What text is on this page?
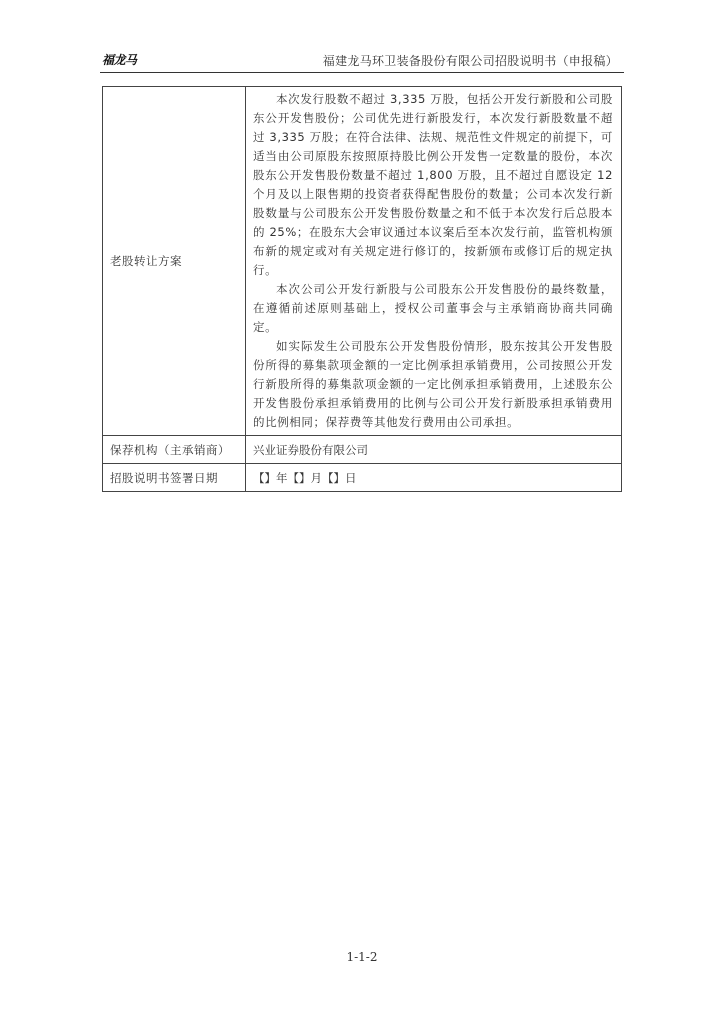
福龙马	福建龙马环卫装备股份有限公司招股说明书（申报稿）
老股转让方案	本次发行股数不超过 3,335 万股，包括公开发行新股和公司股东公开发售股份；公司优先进行新股发行，本次发行新股数量不超过 3,335 万股；在符合法律、法规、规范性文件规定的前提下，可适当由公司原股东按照原持股比例公开发售一定数量的股份，本次股东公开发售股份数量不超过 1,800 万股，且不超过自愿设定 12 个月及以上限售期的投资者获得配售股份的数量；公司本次发行新股数量与公司股东公开发售股份数量之和不低于本次发行后总股本的 25%；在股东大会审议通过本议案后至本次发行前，监管机构颁布新的规定或对有关规定进行修订的，按新颁布或修订后的规定执行。

本次公司公开发行新股与公司股东公开发售股份的最终数量，在遵循前述原则基础上，授权公司董事会与主承销商协商共同确定。

如实际发生公司股东公开发售股份情形，股东按其公开发售股份所得的募集款项金额的一定比例承担承销费用，公司按照公开发行新股所得的募集款项金额的一定比例承担承销费用，上述股东公开发售股份承担承销费用的比例与公司公开发行新股承担承销费用的比例相同；保荐费等其他发行费用由公司承担。

保荐机构（主承销商）	兴业证券股份有限公司
招股说明书签署日期	【】年【】月【】日
1-1-2
